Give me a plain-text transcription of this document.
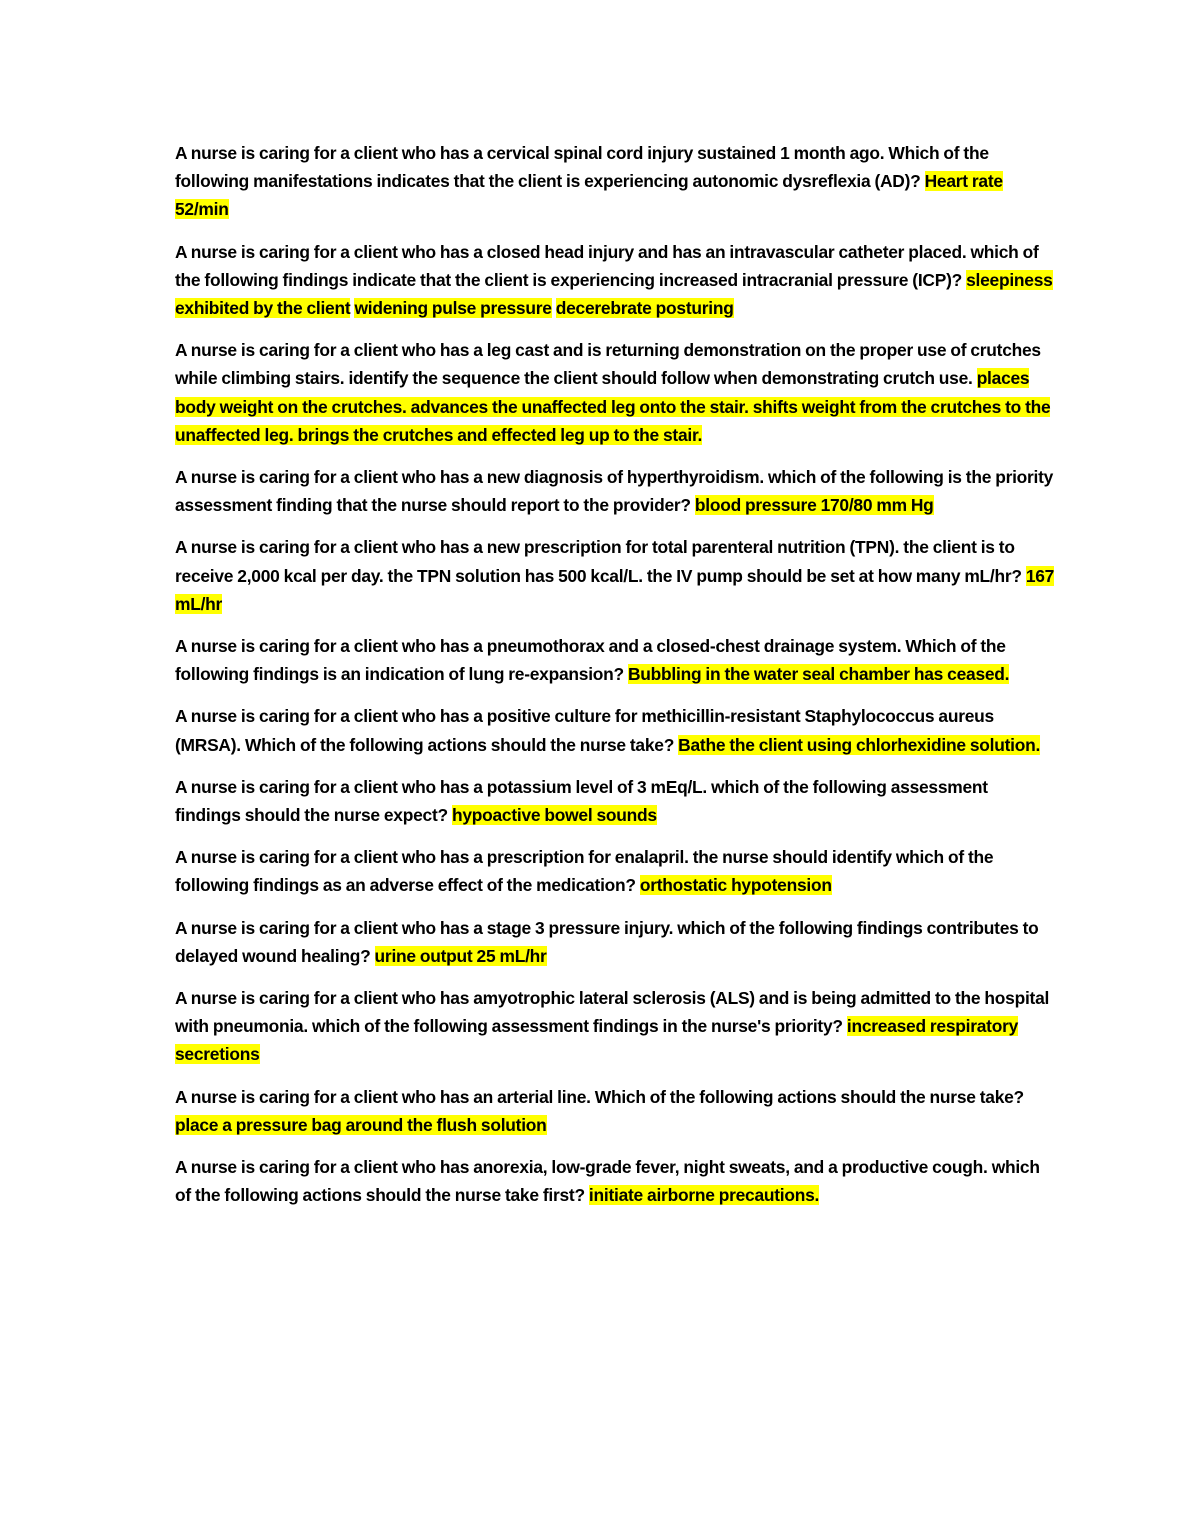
A nurse is caring for a client who has a cervical spinal cord injury sustained 1 month ago. Which of the following manifestations indicates that the client is experiencing autonomic dysreflexia (AD)? Heart rate 52/min

A nurse is caring for a client who has a closed head injury and has an intravascular catheter placed. which of the following findings indicate that the client is experiencing increased intracranial pressure (ICP)? sleepiness exhibited by the client widening pulse pressure decerebrate posturing

A nurse is caring for a client who has a leg cast and is returning demonstration on the proper use of crutches while climbing stairs. identify the sequence the client should follow when demonstrating crutch use. places body weight on the crutches. advances the unaffected leg onto the stair. shifts weight from the crutches to the unaffected leg. brings the crutches and effected leg up to the stair.

A nurse is caring for a client who has a new diagnosis of hyperthyroidism. which of the following is the priority assessment finding that the nurse should report to the provider? blood pressure 170/80 mm Hg

A nurse is caring for a client who has a new prescription for total parenteral nutrition (TPN). the client is to receive 2,000 kcal per day. the TPN solution has 500 kcal/L. the IV pump should be set at how many mL/hr? 167 mL/hr

A nurse is caring for a client who has a pneumothorax and a closed-chest drainage system. Which of the following findings is an indication of lung re-expansion? Bubbling in the water seal chamber has ceased.

A nurse is caring for a client who has a positive culture for methicillin-resistant Staphylococcus aureus (MRSA). Which of the following actions should the nurse take? Bathe the client using chlorhexidine solution.

A nurse is caring for a client who has a potassium level of 3 mEq/L. which of the following assessment findings should the nurse expect? hypoactive bowel sounds

A nurse is caring for a client who has a prescription for enalapril. the nurse should identify which of the following findings as an adverse effect of the medication? orthostatic hypotension

A nurse is caring for a client who has a stage 3 pressure injury. which of the following findings contributes to delayed wound healing? urine output 25 mL/hr

A nurse is caring for a client who has amyotrophic lateral sclerosis (ALS) and is being admitted to the hospital with pneumonia. which of the following assessment findings in the nurse's priority? increased respiratory secretions

A nurse is caring for a client who has an arterial line. Which of the following actions should the nurse take? place a pressure bag around the flush solution

A nurse is caring for a client who has anorexia, low-grade fever, night sweats, and a productive cough. which of the following actions should the nurse take first? initiate airborne precautions.
